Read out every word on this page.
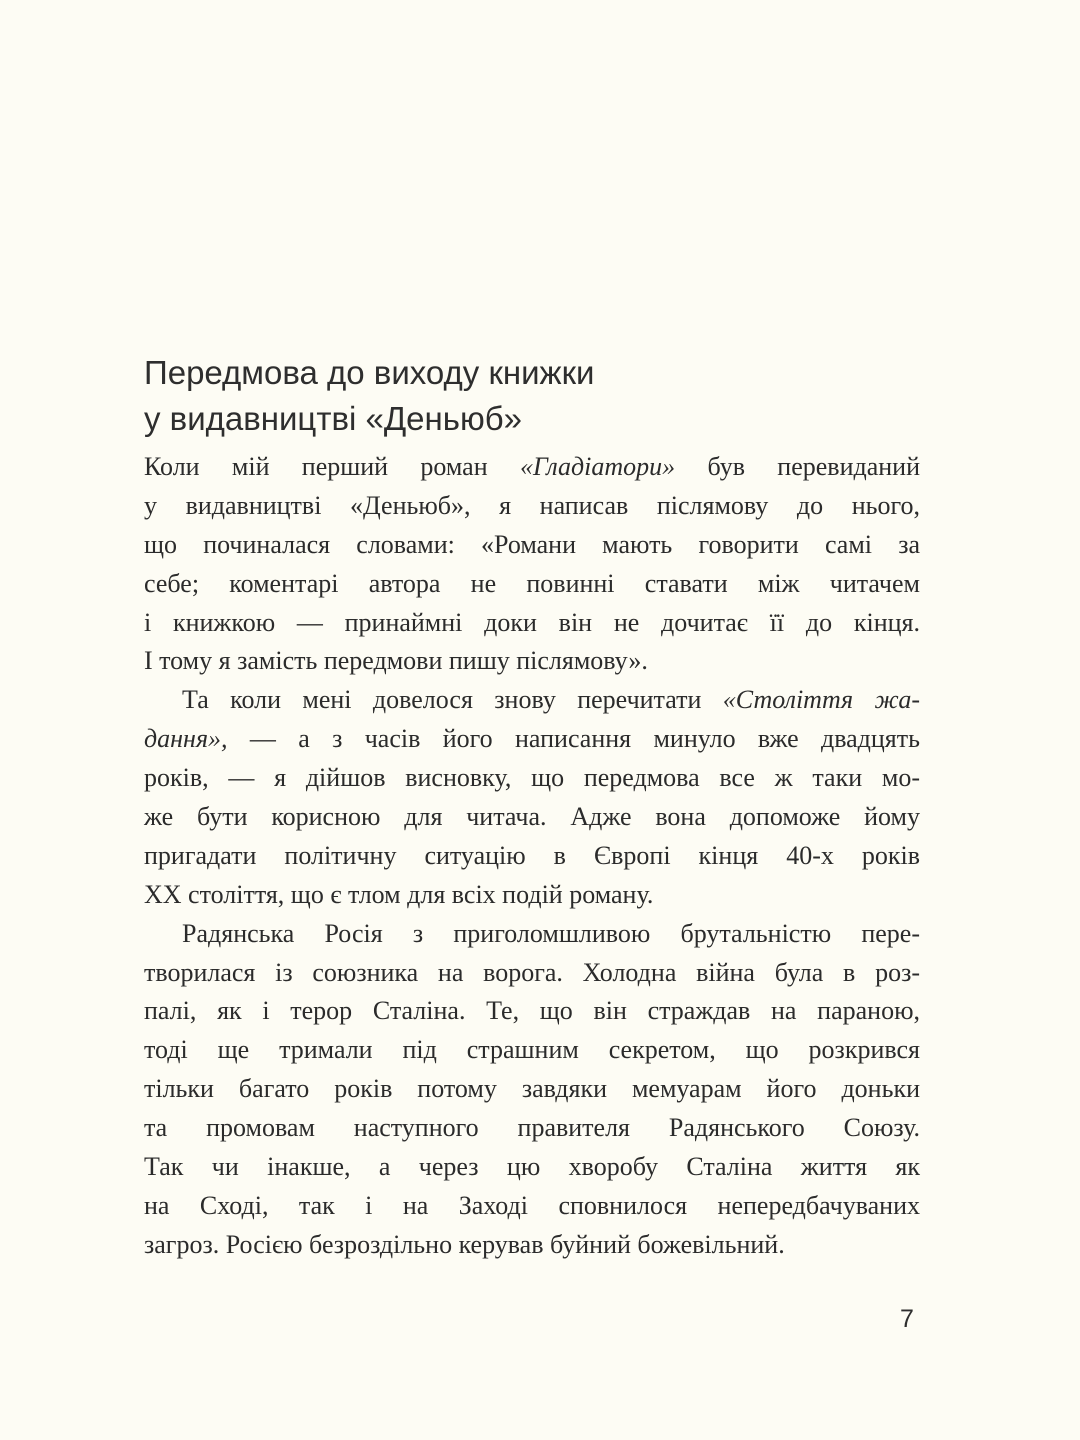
Передмова до виходу книжки
у видавництві «Деньюб»
Коли мій перший роман «Гладіатори» був перевиданий
у видавництві «Деньюб», я написав післямову до нього,
що починалася словами: «Романи мають говорити самі за
себе; коментарі автора не повинні ставати між читачем
і книжкою — принаймні доки він не дочитає її до кінця.
І тому я замість передмови пишу післямову».
Та коли мені довелося знову перечитати «Століття жа-
дання», — а з часів його написання минуло вже двадцять
років, — я дійшов висновку, що передмова все ж таки мо-
же бути корисною для читача. Адже вона допоможе йому
пригадати політичну ситуацію в Європі кінця 40-х років
XX століття, що є тлом для всіх подій роману.
Радянська Росія з приголомшливою брутальністю пере-
творилася із союзника на ворога. Холодна війна була в роз-
палі, як і терор Сталіна. Те, що він страждав на параною,
тоді ще тримали під страшним секретом, що розкрився
тільки багато років потому завдяки мемуарам його доньки
та промовам наступного правителя Радянського Союзу.
Так чи інакше, а через цю хворобу Сталіна життя як
на Сході, так і на Заході сповнилося непередбачуваних
загроз. Росією безроздільно керував буйний божевільний.
7
